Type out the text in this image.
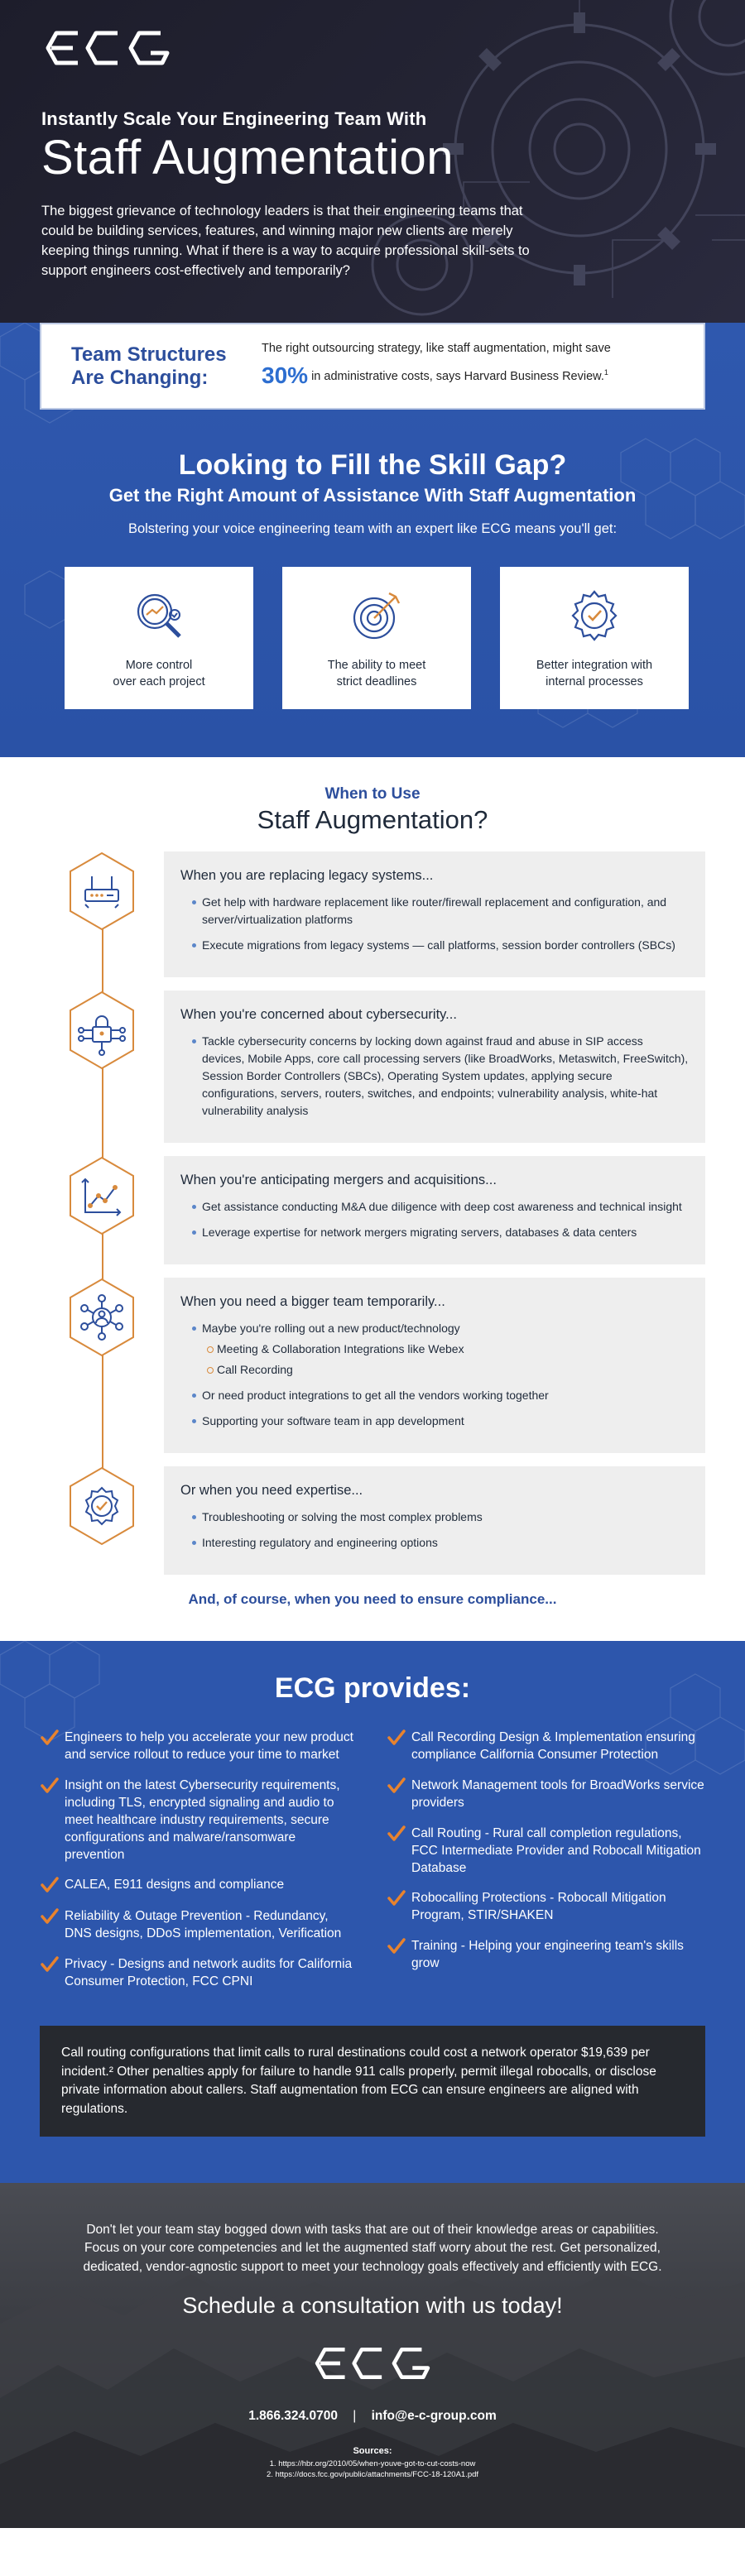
Instantly Scale Your Engineering Team With
Staff Augmentation

The biggest grievance of technology leaders is that their engineering teams that could be building services, features, and winning major new clients are merely keeping things running. What if there is a way to acquire professional skill-sets to support engineers cost-effectively and temporarily?

Team Structures Are Changing:
The right outsourcing strategy, like staff augmentation, might save
30% in administrative costs, says Harvard Business Review.$^1$
Looking to Fill the Skill Gap?
Get the Right Amount of Assistance With Staff Augmentation

Bolstering your voice engineering team with an expert like ECG means you'll get:

More control
over each project

The ability to meet
strict deadlines

Better integration with
internal processes

When to Use
Staff Augmentation?
When you are replacing legacy systems...
Get help with hardware replacement like router/firewall replacement and configuration, and server/virtualization platforms
Execute migrations from legacy systems — call platforms, session border controllers (SBCs)
When you're concerned about cybersecurity...
Tackle cybersecurity concerns by locking down against fraud and abuse in SIP access devices, Mobile Apps, core call processing servers (like BroadWorks, Metaswitch, FreeSwitch), Session Border Controllers (SBCs), Operating System updates, applying secure configurations, servers, routers, switches, and endpoints; vulnerability analysis, white-hat vulnerability analysis
When you're anticipating mergers and acquisitions...
Get assistance conducting M&A due diligence with deep cost awareness and technical insight
Leverage expertise for network mergers migrating servers, databases & data centers
When you need a bigger team temporarily...
Maybe you're rolling out a new product/technology
Meeting & Collaboration Integrations like Webex
Call Recording
Or need product integrations to get all the vendors working together
Supporting your software team in app development
Or when you need expertise...
Troubleshooting or solving the most complex problems
Interesting regulatory and engineering options
And, of course, when you need to ensure compliance...
ECG provides:
Engineers to help you accelerate your new product and service rollout to reduce your time to market
Insight on the latest Cybersecurity requirements, including TLS, encrypted signaling and audio to meet healthcare industry requirements, secure configurations and malware/ransomware prevention
CALEA, E911 designs and compliance
Reliability & Outage Prevention - Redundancy, DNS designs, DDoS implementation, Verification
Privacy - Designs and network audits for California Consumer Protection, FCC CPNI
Call Recording Design & Implementation ensuring compliance California Consumer Protection
Network Management tools for BroadWorks service providers
Call Routing - Rural call completion regulations, FCC Intermediate Provider and Robocall Mitigation Database
Robocalling Protections - Robocall Mitigation Program, STIR/SHAKEN
Training - Helping your engineering team's skills grow
Call routing configurations that limit calls to rural destinations could cost a network operator $19,639 per incident.² Other penalties apply for failure to handle 911 calls properly, permit illegal robocalls, or disclose private information about callers. Staff augmentation from ECG can ensure engineers are aligned with regulations.

Don't let your team stay bogged down with tasks that are out of their knowledge areas or capabilities. Focus on your core competencies and let the augmented staff worry about the rest. Get personalized, dedicated, vendor-agnostic support to meet your technology goals effectively and efficiently with ECG.

Schedule a consultation with us today!
1.866.324.0700 | info@e-c-group.com
Sources:
1. https://hbr.org/2010/05/when-youve-got-to-cut-costs-now
2. https://docs.fcc.gov/public/attachments/FCC-18-120A1.pdf
